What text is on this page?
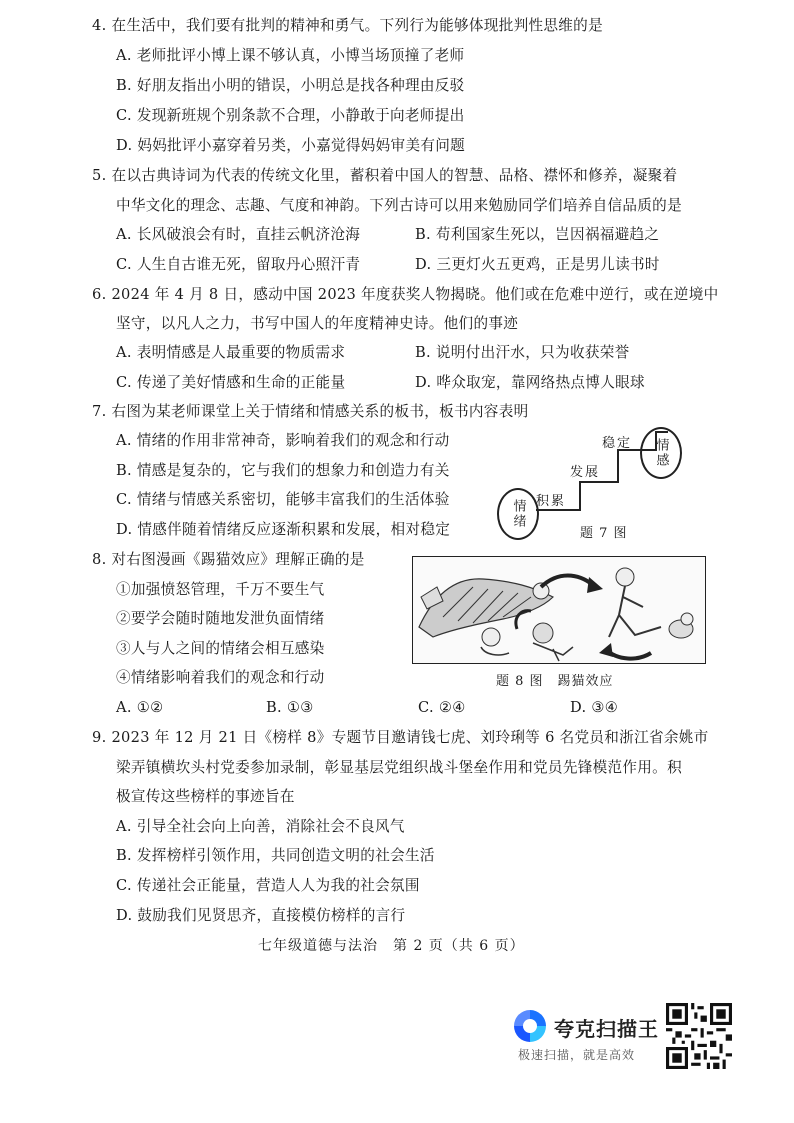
4. 在生活中，我们要有批判的精神和勇气。下列行为能够体现批判性思维的是
A. 老师批评小博上课不够认真，小博当场顶撞了老师
B. 好朋友指出小明的错误，小明总是找各种理由反驳
C. 发现新班规个别条款不合理，小静敢于向老师提出
D. 妈妈批评小嘉穿着另类，小嘉觉得妈妈审美有问题
5. 在以古典诗词为代表的传统文化里，蓄积着中国人的智慧、品格、襟怀和修养，凝聚着
中华文化的理念、志趣、气度和神韵。下列古诗可以用来勉励同学们培养自信品质的是
A. 长风破浪会有时，直挂云帆济沧海	B. 苟利国家生死以，岂因祸福避趋之
C. 人生自古谁无死，留取丹心照汗青	D. 三更灯火五更鸡，正是男儿读书时
6. 2024 年 4 月 8 日，感动中国 2023 年度获奖人物揭晓。他们或在危难中逆行，或在逆境中
坚守，以凡人之力，书写中国人的年度精神史诗。他们的事迹
A. 表明情感是人最重要的物质需求	B. 说明付出汗水，只为收获荣誉
C. 传递了美好情感和生命的正能量	D. 哗众取宠，靠网络热点博人眼球
7. 右图为某老师课堂上关于情绪和情感关系的板书，板书内容表明
A. 情绪的作用非常神奇，影响着我们的观念和行动
B. 情感是复杂的，它与我们的想象力和创造力有关
C. 情绪与情感关系密切，能够丰富我们的生活体验
D. 情感伴随着情绪反应逐渐积累和发展，相对稳定
情绪
情感
积累
发展
稳定
题 7 图
8. 对右图漫画《踢猫效应》理解正确的是
①加强愤怒管理，千万不要生气
②要学会随时随地发泄负面情绪
③人与人之间的情绪会相互感染
④情绪影响着我们的观念和行动
A. ①②	B. ①③	C. ②④	D. ③④
题 8 图　踢猫效应
9. 2023 年 12 月 21 日《榜样 8》专题节目邀请钱七虎、刘玲琍等 6 名党员和浙江省余姚市
梁弄镇横坎头村党委参加录制，彰显基层党组织战斗堡垒作用和党员先锋模范作用。积
极宣传这些榜样的事迹旨在
A. 引导全社会向上向善，消除社会不良风气
B. 发挥榜样引领作用，共同创造文明的社会生活
C. 传递社会正能量，营造人人为我的社会氛围
D. 鼓励我们见贤思齐，直接模仿榜样的言行
七年级道德与法治　第 2 页（共 6 页）
夸克扫描王
极速扫描，就是高效
